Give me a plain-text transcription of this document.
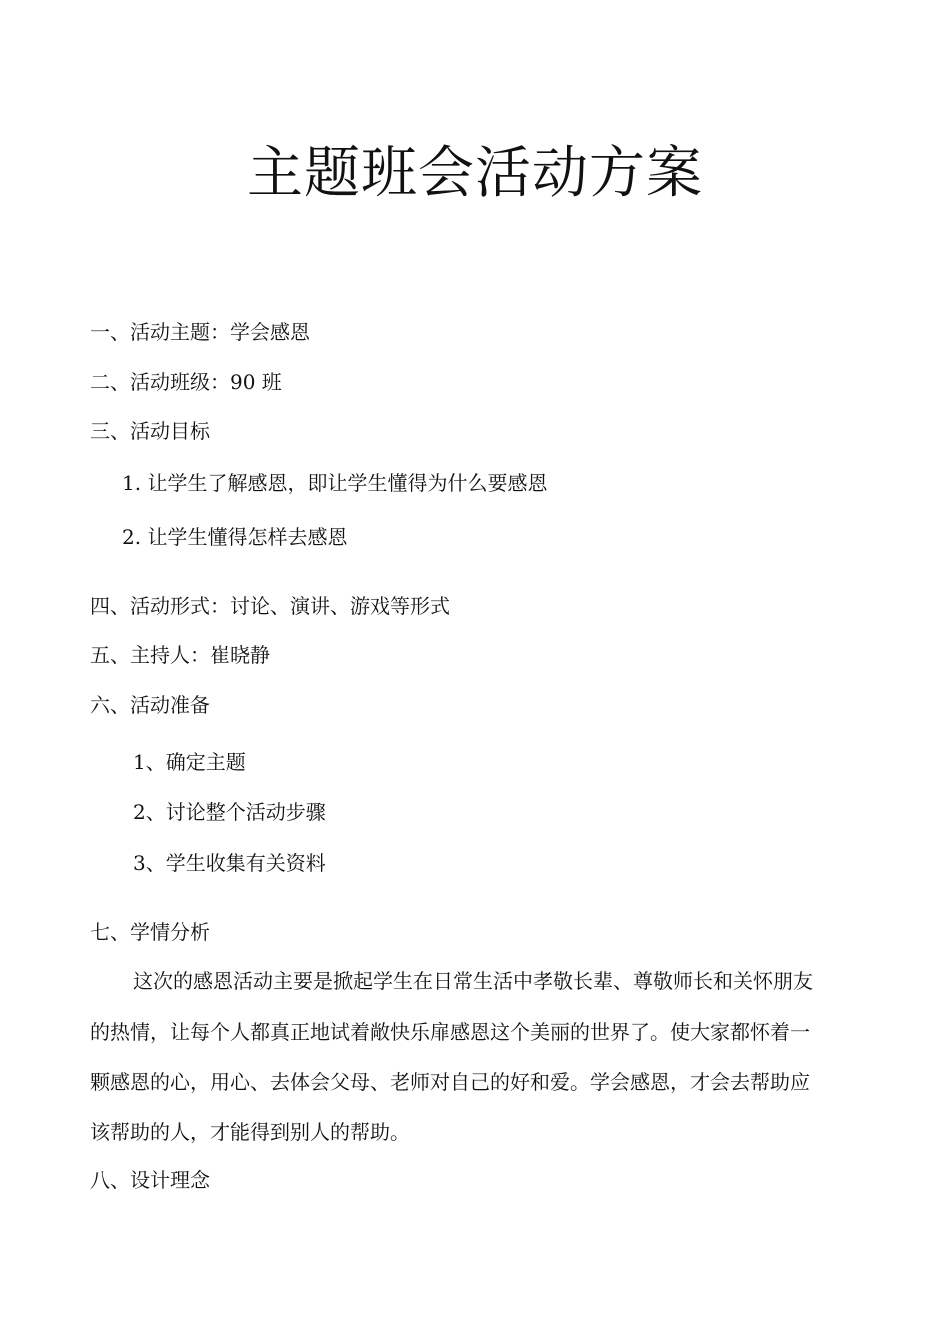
主题班会活动方案
一、活动主题：学会感恩
二、活动班级：90 班
三、活动目标
1. 让学生了解感恩，即让学生懂得为什么要感恩
2. 让学生懂得怎样去感恩
四、活动形式：讨论、演讲、游戏等形式
五、主持人：崔晓静
六、活动准备
1、确定主题
2、讨论整个活动步骤
3、学生收集有关资料
七、学情分析
这次的感恩活动主要是掀起学生在日常生活中孝敬长辈、尊敬师长和关怀朋友
的热情，让每个人都真正地试着敞快乐扉感恩这个美丽的世界了。使大家都怀着一
颗感恩的心，用心、去体会父母、老师对自己的好和爱。学会感恩，才会去帮助应
该帮助的人，才能得到别人的帮助。
八、设计理念
